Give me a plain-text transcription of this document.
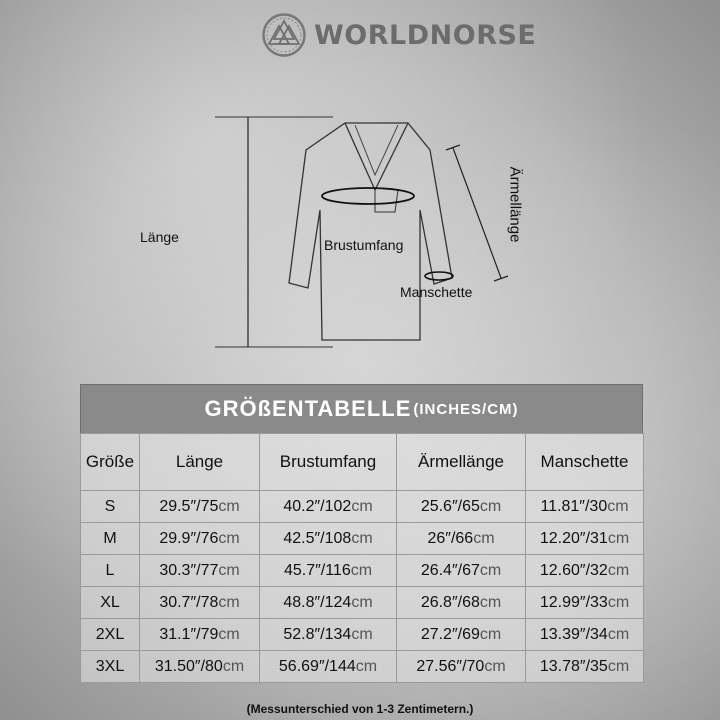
WORLDNORSE
Länge	Brustumfang
Manschette
Ärmellänge
GRÖßENTABELLE (INCHES/CM)
Größe	Länge	Brustumfang	Ärmellänge	Manschette
S	29.5″/75cm	40.2″/102cm	25.6″/65cm	11.81″/30cm
M	29.9″/76cm	42.5″/108cm	26″/66cm	12.20″/31cm
L	30.3″/77cm	45.7″/116cm	26.4″/67cm	12.60″/32cm
XL	30.7″/78cm	48.8″/124cm	26.8″/68cm	12.99″/33cm
2XL	31.1″/79cm	52.8″/134cm	27.2″/69cm	13.39″/34cm
3XL	31.50″/80cm	56.69″/144cm	27.56″/70cm	13.78″/35cm
(Messunterschied von 1-3 Zentimetern.)
